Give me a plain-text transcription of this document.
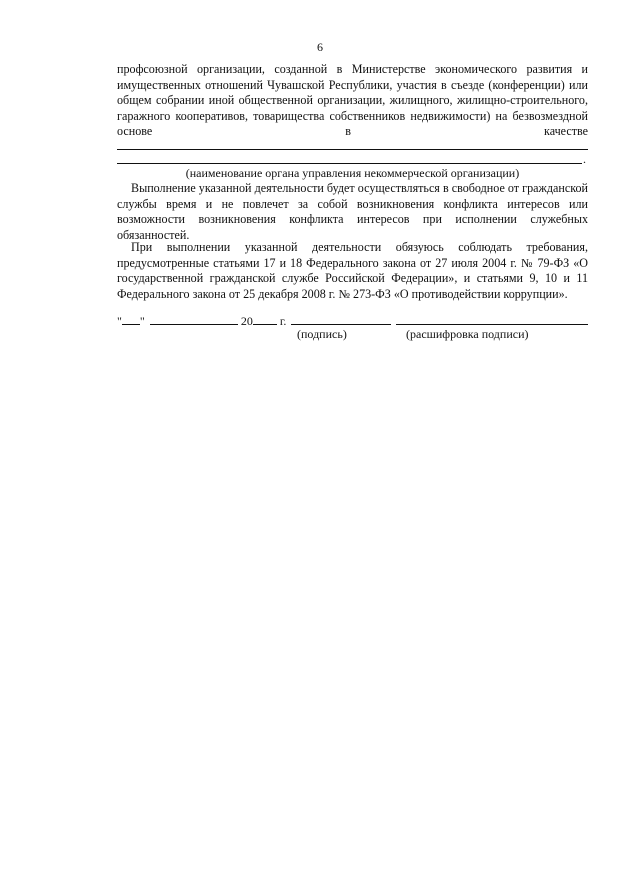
6
профсоюзной организации, созданной в Министерстве экономического развития и
имущественных отношений Чувашской Республики, участия в съезде (конференции) или
общем собрании иной общественной организации, жилищного, жилищно-строительного,
гаражного кооперативов, товарищества собственников недвижимости) на безвозмездной
основе                                                    в                                                    качестве
.
(наименование органа управления некоммерческой организации)
Выполнение указанной деятельности будет осуществляться в свободное от гражданской
службы время и не повлечет за собой возникновения конфликта интересов или
возможности возникновения конфликта интересов при исполнении служебных
обязанностей.
При выполнении указанной деятельности обязуюсь соблюдать требования,
предусмотренные статьями 17 и 18 Федерального закона от 27 июля 2004 г. № 79-ФЗ «О
государственной гражданской службе Российской Федерации», и статьями 9, 10 и 11
Федерального закона от 25 декабря 2008 г. № 273-ФЗ «О противодействии коррупции».
" "	20 г.
(подпись)	(расшифровка подписи)
